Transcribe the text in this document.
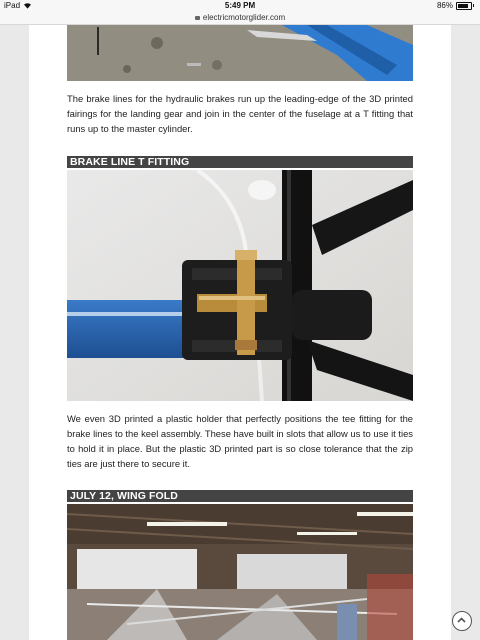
iPad	5:49 PM	86%
electricmotorglider.com

The brake lines for the hydraulic brakes run up the leading-edge of the 3D printed fairings for the landing gear and join in the center of the fuselage at a T fitting that runs up to the master cylinder.

BRAKE LINE T FITTING

We even 3D printed a plastic holder that perfectly positions the tee fitting for the brake lines to the keel assembly. These have built in slots that allow us to use it ties to hold it in place. But the plastic 3D printed part is so close tolerance that the zip ties are just there to secure it.

JULY 12, WING FOLD
